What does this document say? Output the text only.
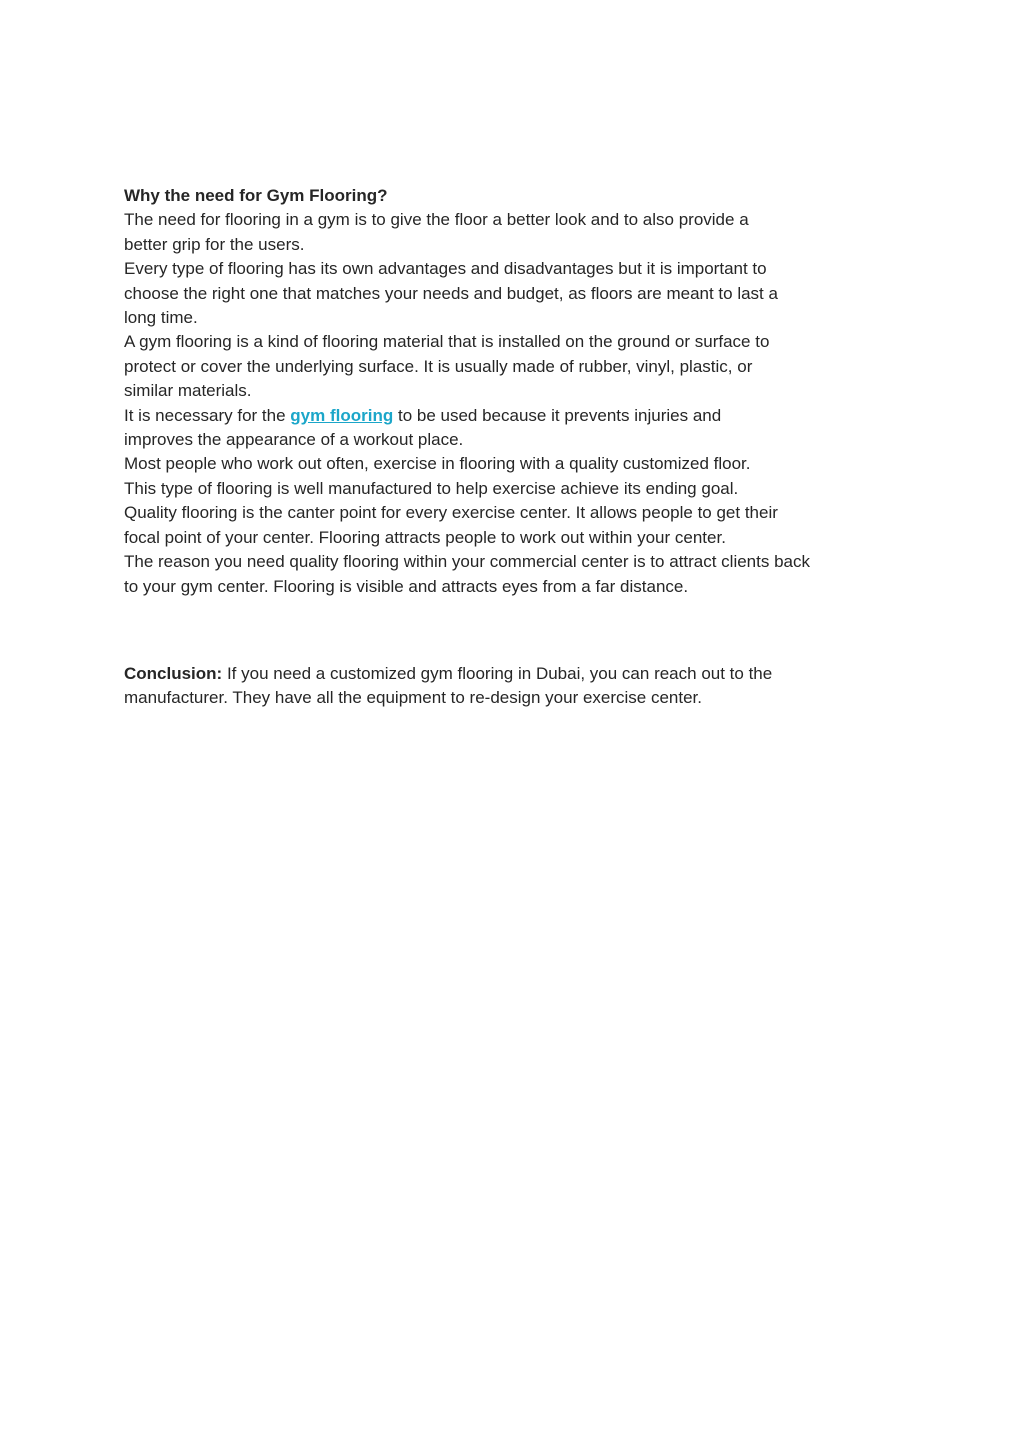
Why the need for Gym Flooring?

The need for flooring in a gym is to give the floor a better look and to also provide a

better grip for the users.

Every type of flooring has its own advantages and disadvantages but it is important to

choose the right one that matches your needs and budget, as floors are meant to last a

long time.

A gym flooring is a kind of flooring material that is installed on the ground or surface to

protect or cover the underlying surface. It is usually made of rubber, vinyl, plastic, or

similar materials.

It is necessary for the gym flooring to be used because it prevents injuries and

improves the appearance of a workout place.

Most people who work out often, exercise in flooring with a quality customized floor.

This type of flooring is well manufactured to help exercise achieve its ending goal.

Quality flooring is the canter point for every exercise center. It allows people to get their

focal point of your center. Flooring attracts people to work out within your center.

The reason you need quality flooring within your commercial center is to attract clients back

to your gym center. Flooring is visible and attracts eyes from a far distance.

Conclusion: If you need a customized gym flooring in Dubai, you can reach out to the

manufacturer. They have all the equipment to re-design your exercise center.
